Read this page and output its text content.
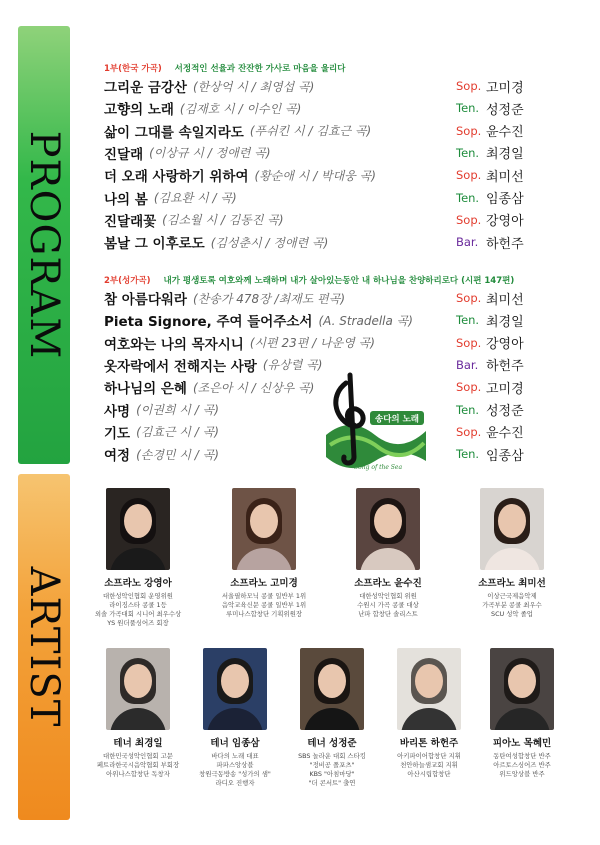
PROGRAM
ARTIST
1부(한국 가곡) 서정적인 선율과 잔잔한 가사로 마음을 울리다
그리운 금강산 (한상억 시 / 최영섭 곡)	Sop. 고미경
고향의 노래 (김재호 시 / 이수인 곡)	Ten. 성정준
삶이 그대를 속일지라도 (푸쉬킨 시 / 김효근 곡)	Sop. 윤수진
진달래 (이상규 시 / 정애련 곡)	Ten. 최경일
더 오래 사랑하기 위하여 (황순애 시 / 박대웅 곡)	Sop. 최미선
나의 봄 (김요환 시 / 곡)	Ten. 임종삼
진달래꽃 (김소월 시 / 김동진 곡)	Sop. 강영아
봄날 그 이후로도 (김성춘시 / 정애련 곡)	Bar. 하헌주
2부(성가곡) 내가 평생토록 여호와께 노래하며 내가 살아있는동안 내 하나님을 찬양하리로다 (시편 147편)
참 아름다워라 (찬송가 478장 /최재도 편곡)	Sop. 최미선
Pieta Signore, 주여 들어주소서 (A. Stradella 곡)	Ten. 최경일
여호와는 나의 목자시니 (시편 23편 / 나운영 곡)	Sop. 강영아
옷자락에서 전해지는 사랑 (유상렬 곡)	Bar. 하헌주
하나님의 은혜 (조은아 시 / 신상우 곡)	Sop. 고미경
사명 (이권희 시 / 곡)	Ten. 성정준
기도 (김효근 시 / 곡)	Sop. 윤수진
여정 (손경민 시 / 곡)	Ten. 임종삼
송다의 노래
Song of the Sea
소프라노 강영아
대한성악인협회 운영위원
라이징스타 콩쿨 1등
외솔 가곡대회 시니어 최우수상
YS 원더풀싱어즈 회장
소프라노 고미경
서울필하모닉 콩쿨 일반부 1위
음악교육신문 콩쿨 일반부 1위
루미나스합창단 기획위원장
소프라노 윤수진
대한성악인협회 위원
수원시 가곡 콩쿨 대상
난파 합창단 솔리스트
소프라노 최미선
이상근국제음악제
가곡부분 콩쿨 최우수
SCU 성악 졸업
테너 최경일
대한민국성악인협회 고문
페트라한국시음악협회 부회장
아위나스합창단 독창자
테너 임종삼
바다의 노래 대표
파파스앙상블
창원극동방송 "성가의 샘"
라디오 진행자
테너 성정준
SBS 놀라운 대회 스타킹
"정비공 폴포츠"
KBS "아침마당"
"더 콘서트" 출연
바리톤 하헌주
아키파이어합창단 지휘
천안하늘샘교회 지휘
아산시립합창단
피아노 목혜민
동탄여성합창단 반주
아르토스싱어즈 반주
위드앙상블 반주
